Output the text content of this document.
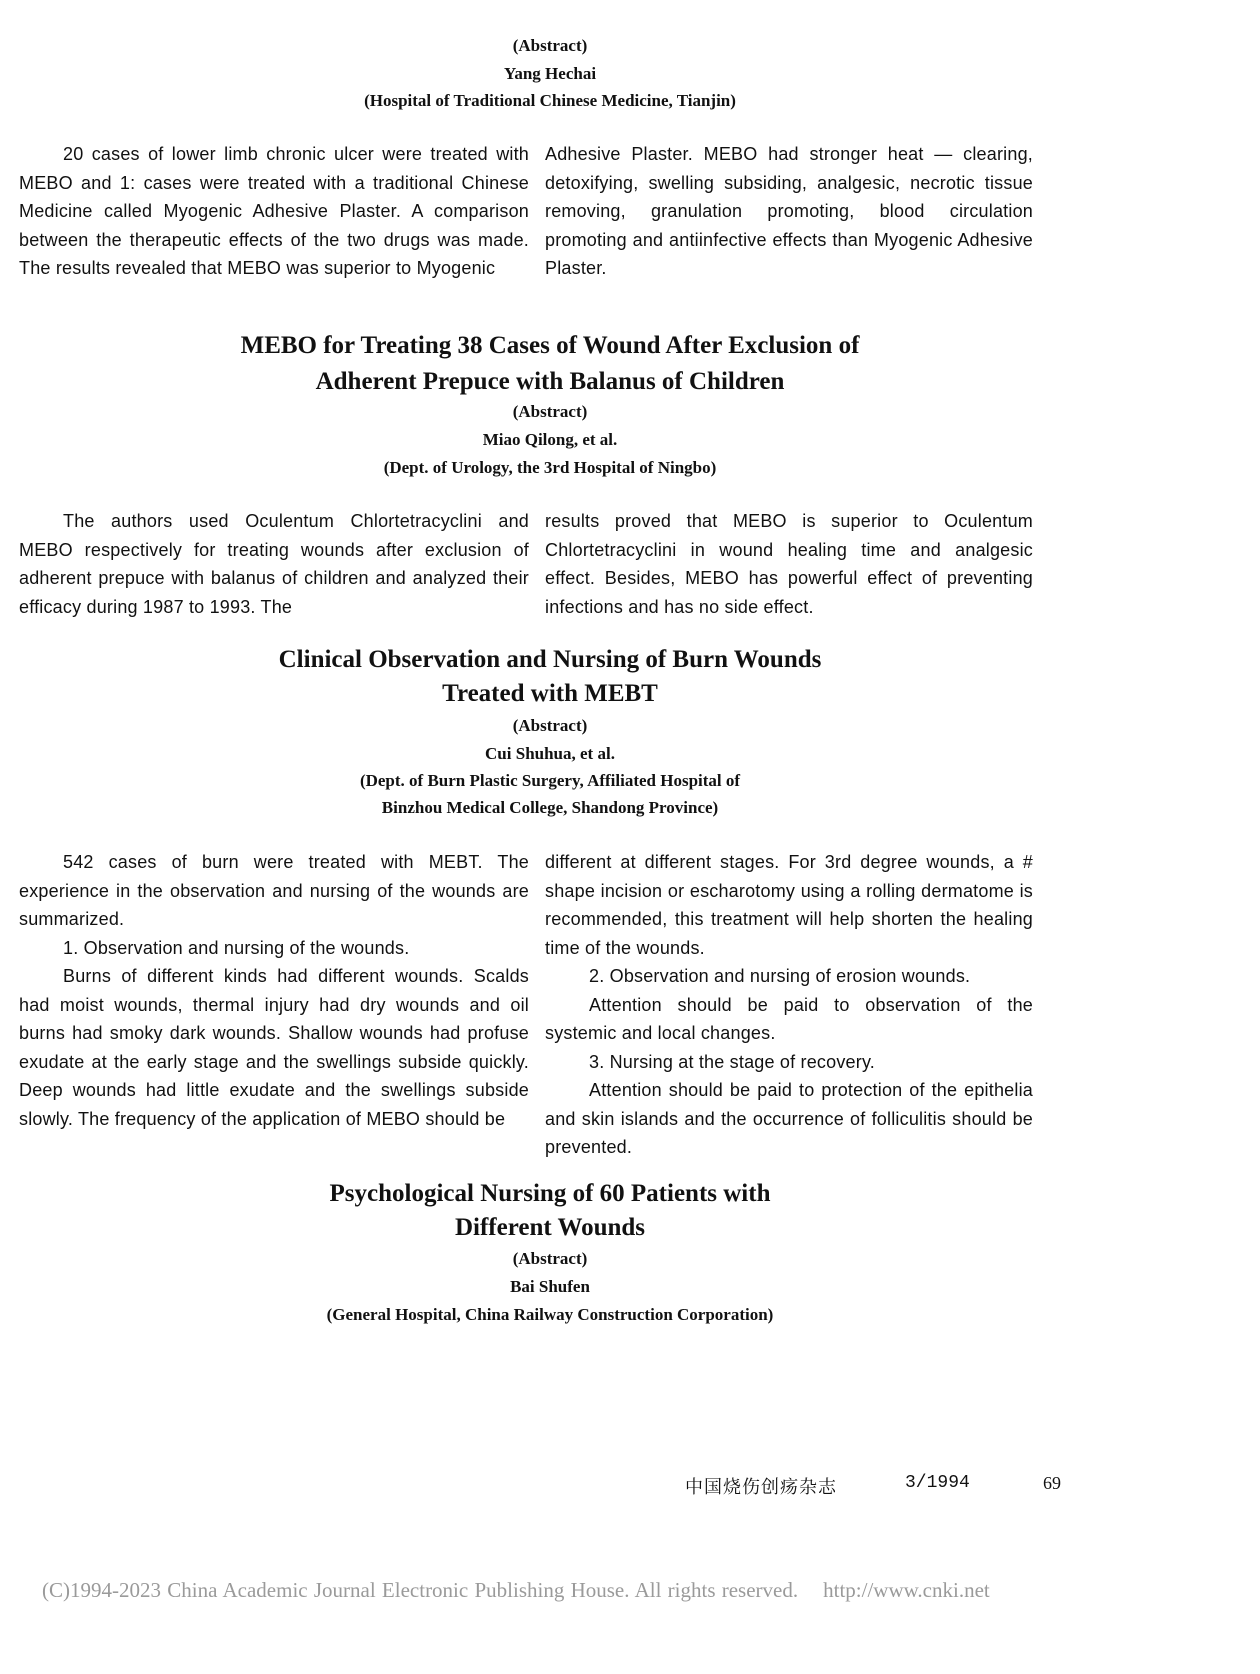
(Abstract)
Yang Hechai
(Hospital of Traditional Chinese Medicine, Tianjin)

20 cases of lower limb chronic ulcer were treated with MEBO and 1: cases were treated with a traditional Chinese Medicine called Myogenic Adhesive Plaster. A comparison between the therapeutic effects of the two drugs was made. The results revealed that MEBO was superior to Myogenic

Adhesive Plaster. MEBO had stronger heat — clearing, detoxifying, swelling subsiding, analgesic, necrotic tissue removing, granulation promoting, blood circulation promoting and antiinfective effects than Myogenic Adhesive Plaster.

MEBO for Treating 38 Cases of Wound After Exclusion of
Adherent Prepuce with Balanus of Children
(Abstract)
Miao Qilong, et al.
(Dept. of Urology, the 3rd Hospital of Ningbo)

The authors used Oculentum Chlortetracyclini and MEBO respectively for treating wounds after exclusion of adherent prepuce with balanus of children and analyzed their efficacy during 1987 to 1993. The

results proved that MEBO is superior to Oculentum Chlortetracyclini in wound healing time and analgesic effect. Besides, MEBO has powerful effect of preventing infections and has no side effect.

Clinical Observation and Nursing of Burn Wounds
Treated with MEBT
(Abstract)
Cui Shuhua, et al.
(Dept. of Burn Plastic Surgery, Affiliated Hospital of
Binzhou Medical College, Shandong Province)

542 cases of burn were treated with MEBT. The experience in the observation and nursing of the wounds are summarized.

1. Observation and nursing of the wounds.

Burns of different kinds had different wounds. Scalds had moist wounds, thermal injury had dry wounds and oil burns had smoky dark wounds. Shallow wounds had profuse exudate at the early stage and the swellings subside quickly. Deep wounds had little exudate and the swellings subside slowly. The frequency of the application of MEBO should be

different at different stages. For 3rd degree wounds, a # shape incision or escharotomy using a rolling dermatome is recommended, this treatment will help shorten the healing time of the wounds.

2. Observation and nursing of erosion wounds.

Attention should be paid to observation of the systemic and local changes.

3. Nursing at the stage of recovery.

Attention should be paid to protection of the epithelia and skin islands and the occurrence of folliculitis should be prevented.

Psychological Nursing of 60 Patients with
Different Wounds
(Abstract)
Bai Shufen
(General Hospital, China Railway Construction Corporation)
中国烧伤创疡杂志	3/1994	69
(C)1994-2023 China Academic Journal Electronic Publishing House. All rights reserved.    http://www.cnki.net
